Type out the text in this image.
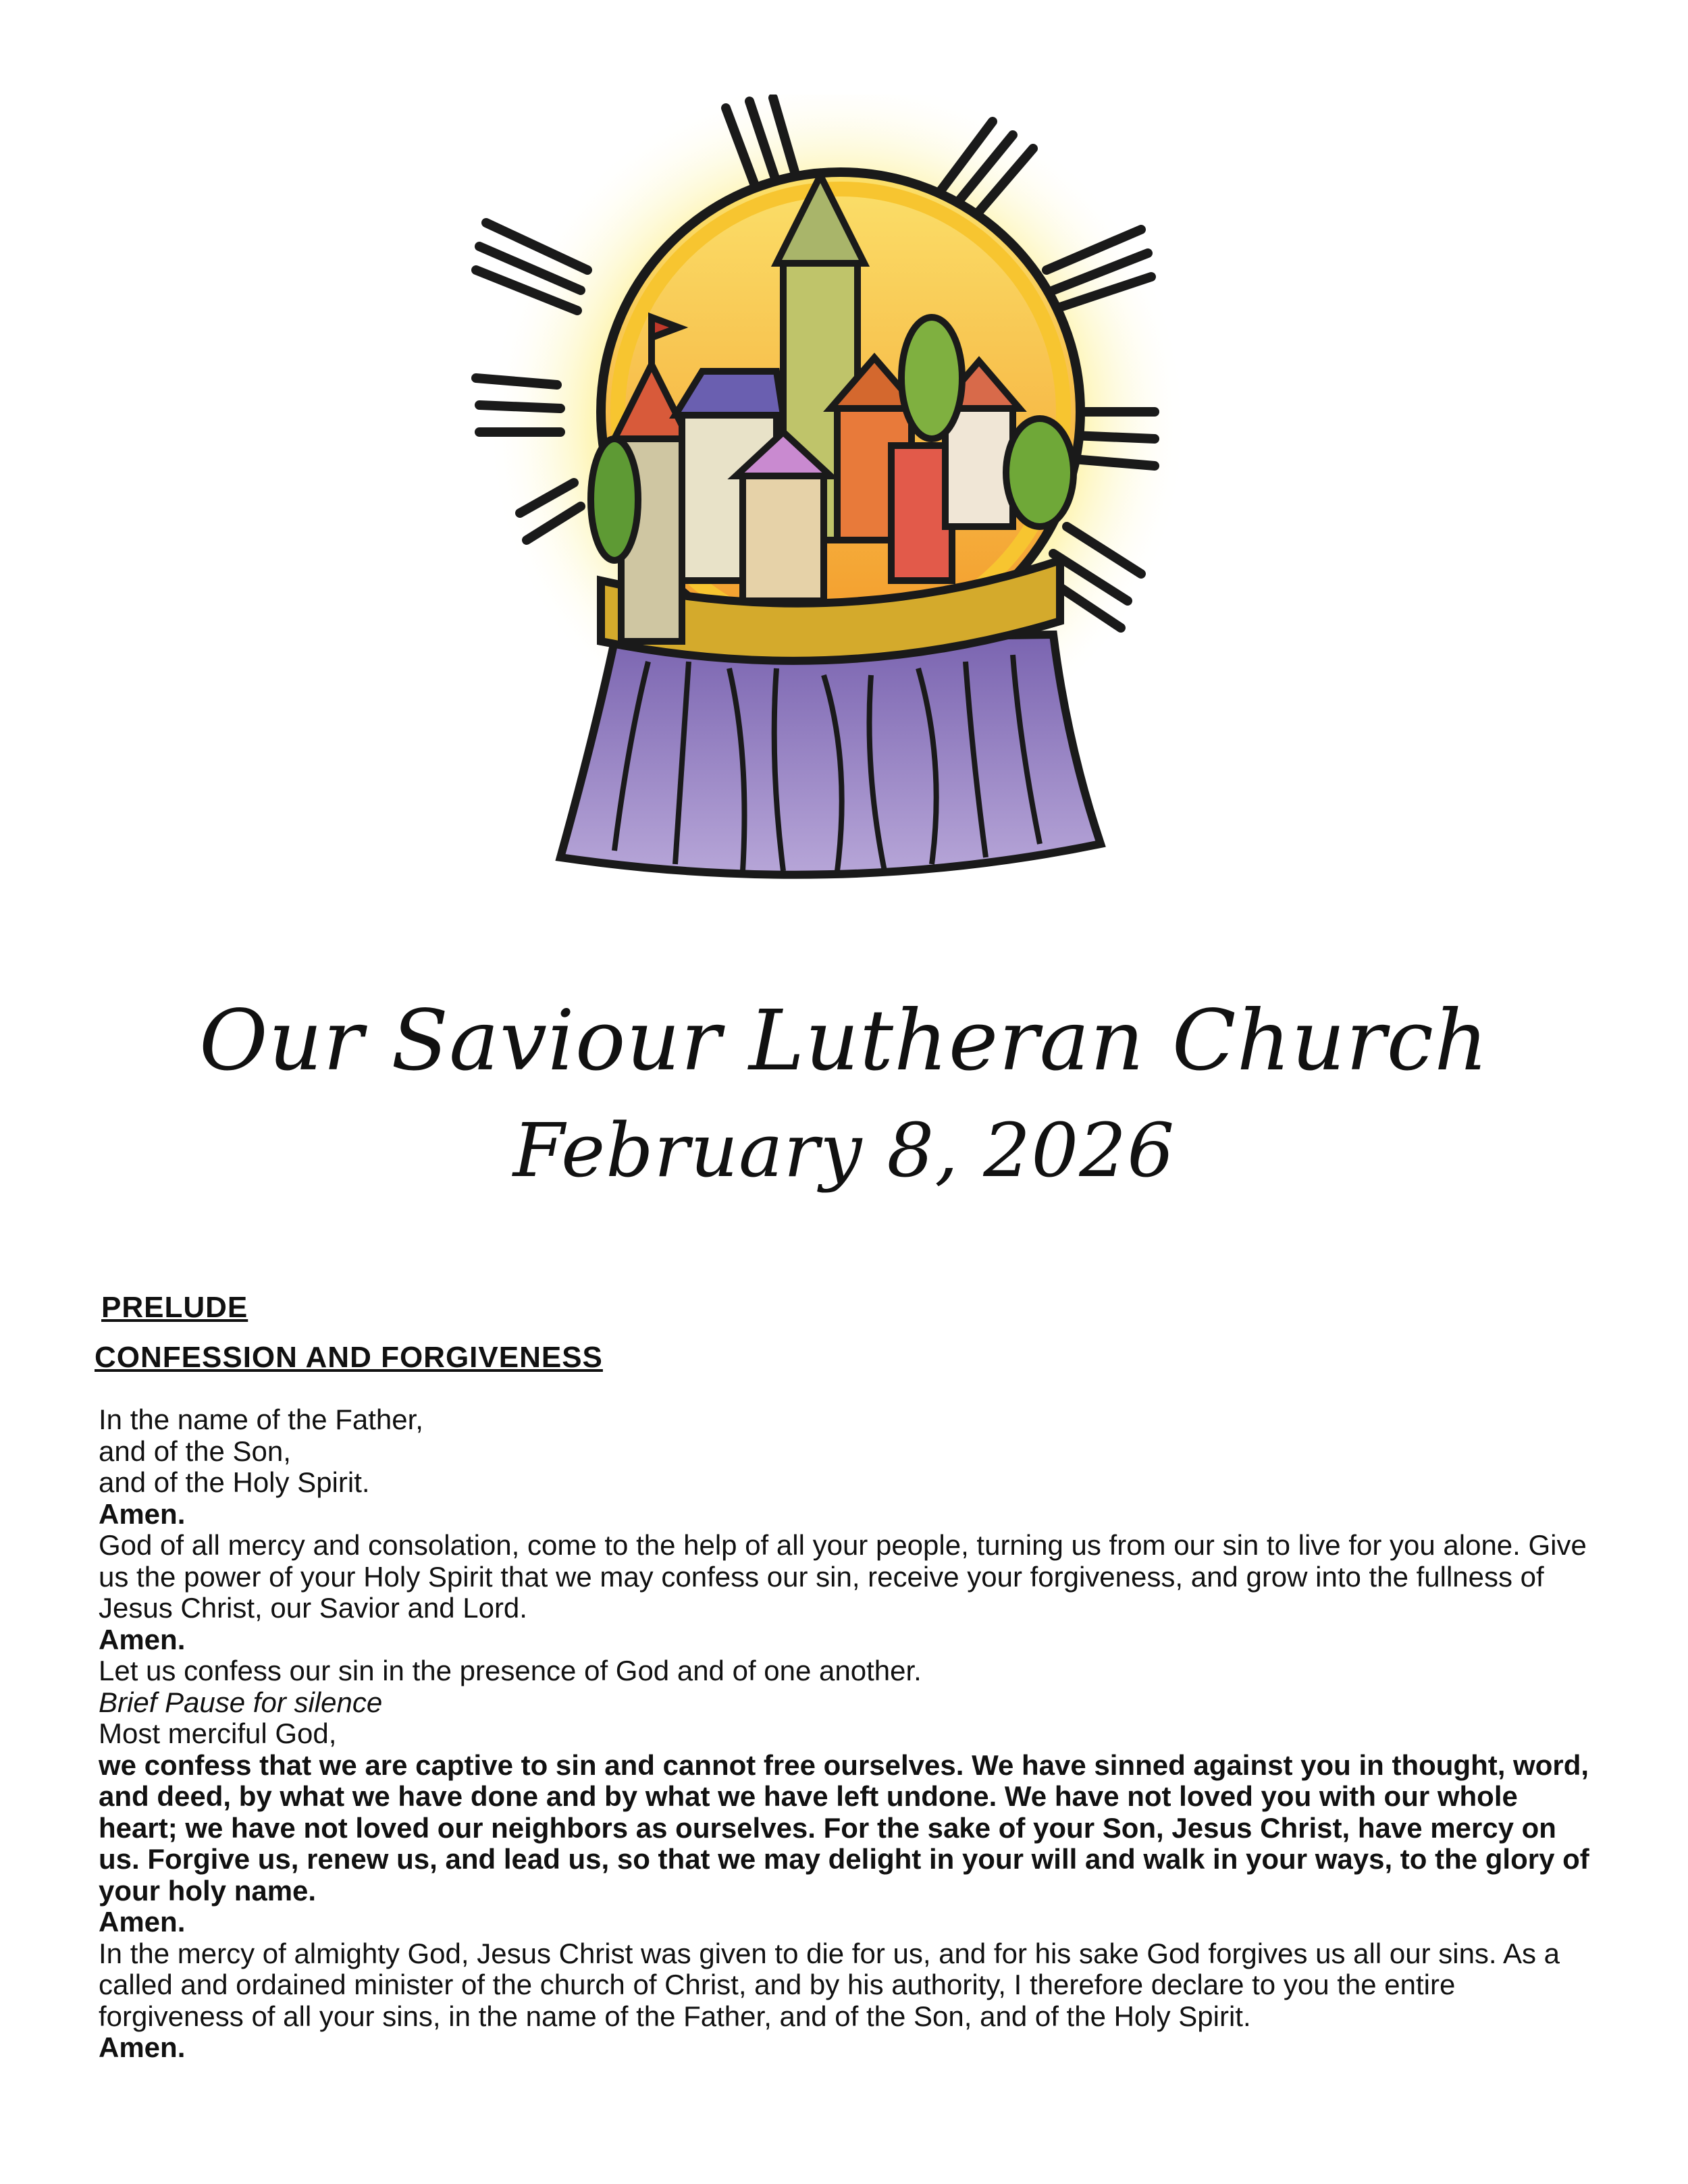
Our Saviour Lutheran Church
February 8, 2026
PRELUDE
CONFESSION AND FORGIVENESS

In the name of the Father,

and of the Son,

and of the Holy Spirit.

Amen.

God of all mercy and consolation, come to the help of all your people, turning us from our sin to live for you alone. Give us the power of your Holy Spirit that we may confess our sin, receive your forgiveness, and grow into the fullness of Jesus Christ, our Savior and Lord.

Amen.

Let us confess our sin in the presence of God and of one another.

Brief Pause for silence

Most merciful God,

we confess that we are captive to sin and cannot free ourselves. We have sinned against you in thought, word, and deed, by what we have done and by what we have left undone. We have not loved you with our whole heart; we have not loved our neighbors as ourselves. For the sake of your Son, Jesus Christ, have mercy on us. Forgive us, renew us, and lead us, so that we may delight in your will and walk in your ways, to the glory of your holy name.

Amen.

In the mercy of almighty God, Jesus Christ was given to die for us, and for his sake God forgives us all our sins. As a called and ordained minister of the church of Christ, and by his authority, I therefore declare to you the entire forgiveness of all your sins, in the name of the Father, and of the Son, and of the Holy Spirit.

Amen.
